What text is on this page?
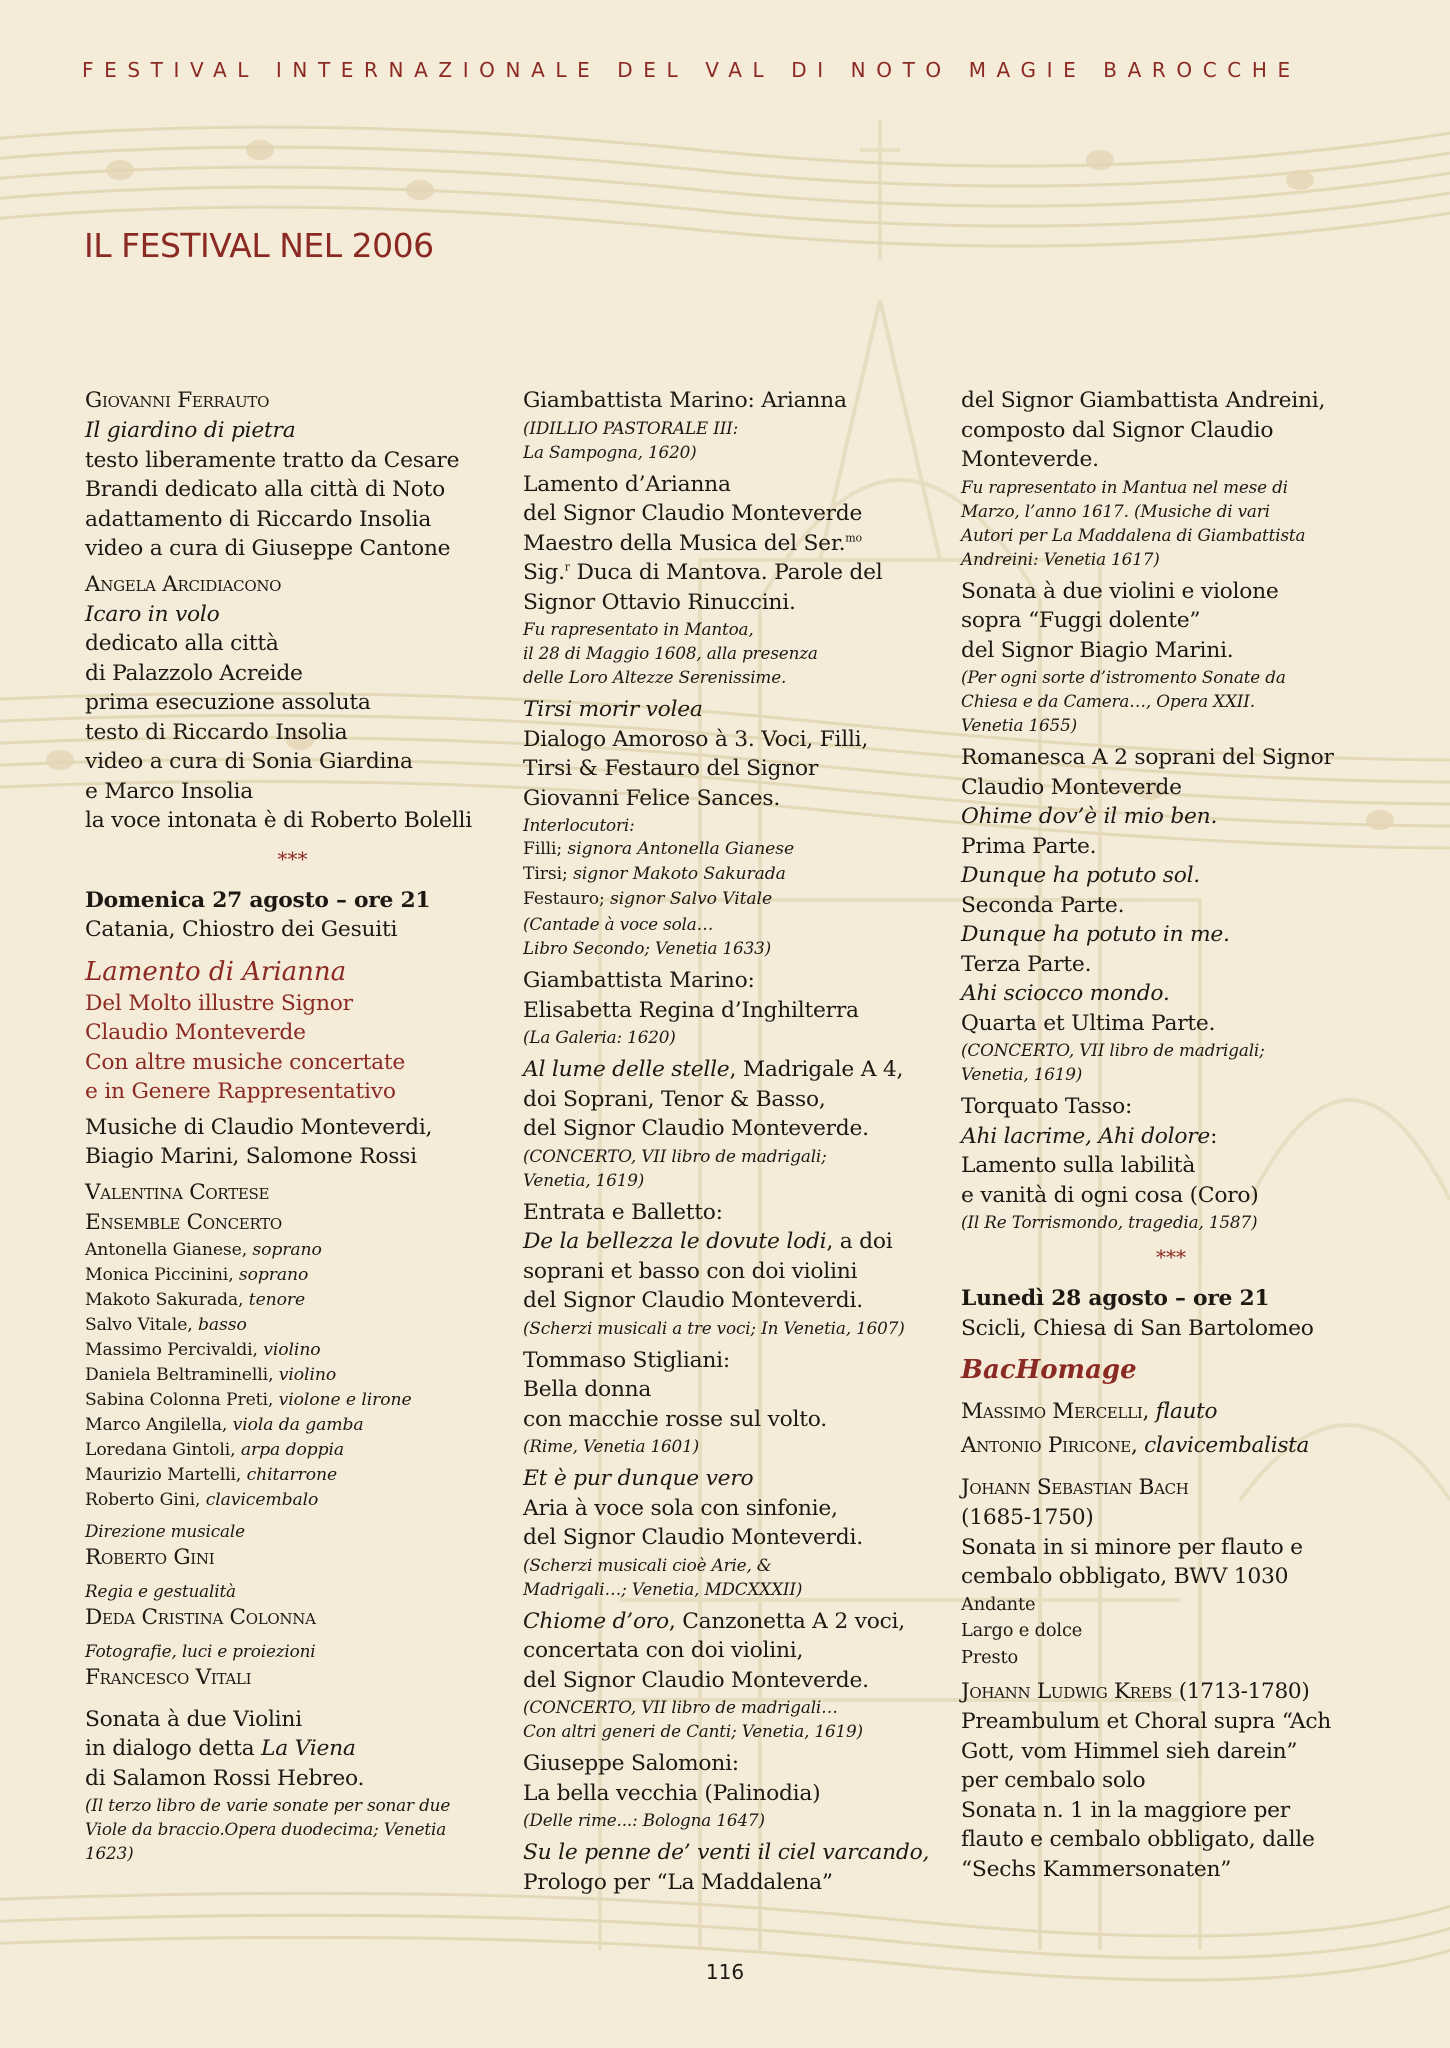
FESTIVAL INTERNAZIONALE DEL VAL DI NOTO MAGIE BAROCCHE
IL FESTIVAL NEL 2006
Giovanni Ferrauto
Il giardino di pietra
testo liberamente tratto da Cesare
Brandi dedicato alla città di Noto
adattamento di Riccardo Insolia
video a cura di Giuseppe Cantone
Angela Arcidiacono
Icaro in volo
dedicato alla città
di Palazzolo Acreide
prima esecuzione assoluta
testo di Riccardo Insolia
video a cura di Sonia Giardina
e Marco Insolia
la voce intonata è di Roberto Bolelli
***
Domenica 27 agosto – ore 21
Catania, Chiostro dei Gesuiti
Lamento di Arianna
Del Molto illustre Signor
Claudio Monteverde
Con altre musiche concertate
e in Genere Rappresentativo
Musiche di Claudio Monteverdi,
Biagio Marini, Salomone Rossi
Valentina Cortese
Ensemble Concerto
Antonella Gianese, soprano
Monica Piccinini, soprano
Makoto Sakurada, tenore
Salvo Vitale, basso
Massimo Percivaldi, violino
Daniela Beltraminelli, violino
Sabina Colonna Preti, violone e lirone
Marco Angilella, viola da gamba
Loredana Gintoli, arpa doppia
Maurizio Martelli, chitarrone
Roberto Gini, clavicembalo
Direzione musicale
Roberto Gini
Regia e gestualità
Deda Cristina Colonna
Fotografie, luci e proiezioni
Francesco Vitali
Sonata à due Violini
in dialogo detta La Viena
di Salamon Rossi Hebreo.
(Il terzo libro de varie sonate per sonar due
Viole da braccio.Opera duodecima; Venetia
1623)
Giambattista Marino: Arianna
(IDILLIO PASTORALE III:
La Sampogna, 1620)
Lamento d’Arianna
del Signor Claudio Monteverde
Maestro della Musica del Ser.$^{mo}$
Sig.$^r$ Duca di Mantova. Parole del
Signor Ottavio Rinuccini.
Fu rapresentato in Mantoa,
il 28 di Maggio 1608, alla presenza
delle Loro Altezze Serenissime.
Tirsi morir volea
Dialogo Amoroso à 3. Voci, Filli,
Tirsi & Festauro del Signor
Giovanni Felice Sances.
Interlocutori:
Filli; signora Antonella Gianese
Tirsi; signor Makoto Sakurada
Festauro; signor Salvo Vitale
(Cantade à voce sola…
Libro Secondo; Venetia 1633)
Giambattista Marino:
Elisabetta Regina d’Inghilterra
(La Galeria: 1620)
Al lume delle stelle, Madrigale A 4,
doi Soprani, Tenor & Basso,
del Signor Claudio Monteverde.
(CONCERTO, VII libro de madrigali;
Venetia, 1619)
Entrata e Balletto:
De la bellezza le dovute lodi, a doi
soprani et basso con doi violini
del Signor Claudio Monteverdi.
(Scherzi musicali a tre voci; In Venetia, 1607)
Tommaso Stigliani:
Bella donna
con macchie rosse sul volto.
(Rime, Venetia 1601)
Et è pur dunque vero
Aria à voce sola con sinfonie,
del Signor Claudio Monteverdi.
(Scherzi musicali cioè Arie, &
Madrigali…; Venetia, MDCXXXII)
Chiome d’oro, Canzonetta A 2 voci,
concertata con doi violini,
del Signor Claudio Monteverde.
(CONCERTO, VII libro de madrigali…
Con altri generi de Canti; Venetia, 1619)
Giuseppe Salomoni:
La bella vecchia (Palinodia)
(Delle rime...: Bologna 1647)
Su le penne de’ venti il ciel varcando,
Prologo per “La Maddalena”
del Signor Giambattista Andreini,
composto dal Signor Claudio
Monteverde.
Fu rapresentato in Mantua nel mese di
Marzo, l’anno 1617. (Musiche di vari
Autori per La Maddalena di Giambattista
Andreini: Venetia 1617)
Sonata à due violini e violone
sopra “Fuggi dolente”
del Signor Biagio Marini.
(Per ogni sorte d’istromento Sonate da
Chiesa e da Camera…, Opera XXII.
Venetia 1655)
Romanesca A 2 soprani del Signor
Claudio Monteverde
Ohime dov’è il mio ben.
Prima Parte.
Dunque ha potuto sol.
Seconda Parte.
Dunque ha potuto in me.
Terza Parte.
Ahi sciocco mondo.
Quarta et Ultima Parte.
(CONCERTO, VII libro de madrigali;
Venetia, 1619)
Torquato Tasso:
Ahi lacrime, Ahi dolore:
Lamento sulla labilità
e vanità di ogni cosa (Coro)
(Il Re Torrismondo, tragedia, 1587)
***
Lunedì 28 agosto – ore 21
Scicli, Chiesa di San Bartolomeo
BacHomage
Massimo Mercelli, flauto
Antonio Piricone, clavicembalista
Johann Sebastian Bach
(1685-1750)
Sonata in si minore per flauto e
cembalo obbligato, BWV 1030
Andante
Largo e dolce
Presto
Johann Ludwig Krebs (1713-1780)
Preambulum et Choral supra “Ach
Gott, vom Himmel sieh darein”
per cembalo solo
Sonata n. 1 in la maggiore per
flauto e cembalo obbligato, dalle
“Sechs Kammersonaten”
116
